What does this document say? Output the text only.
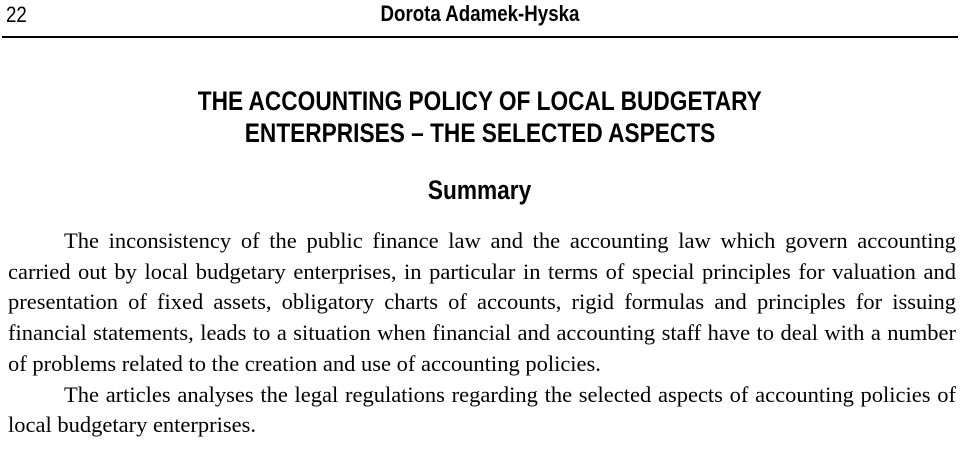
22	Dorota Adamek-Hyska
THE ACCOUNTING POLICY OF LOCAL BUDGETARY
ENTERPRISES – THE SELECTED ASPECTS
Summary

The inconsistency of the public finance law and the accounting law which govern accounting carried out by local budgetary enterprises, in particular in terms of special principles for valuation and presentation of fixed assets, obligatory charts of accounts, rigid formulas and principles for issuing financial statements, leads to a situation when financial and accounting staff have to deal with a number of problems related to the creation and use of accounting policies.

The articles analyses the legal regulations regarding the selected aspects of accounting policies of local budgetary enterprises.
